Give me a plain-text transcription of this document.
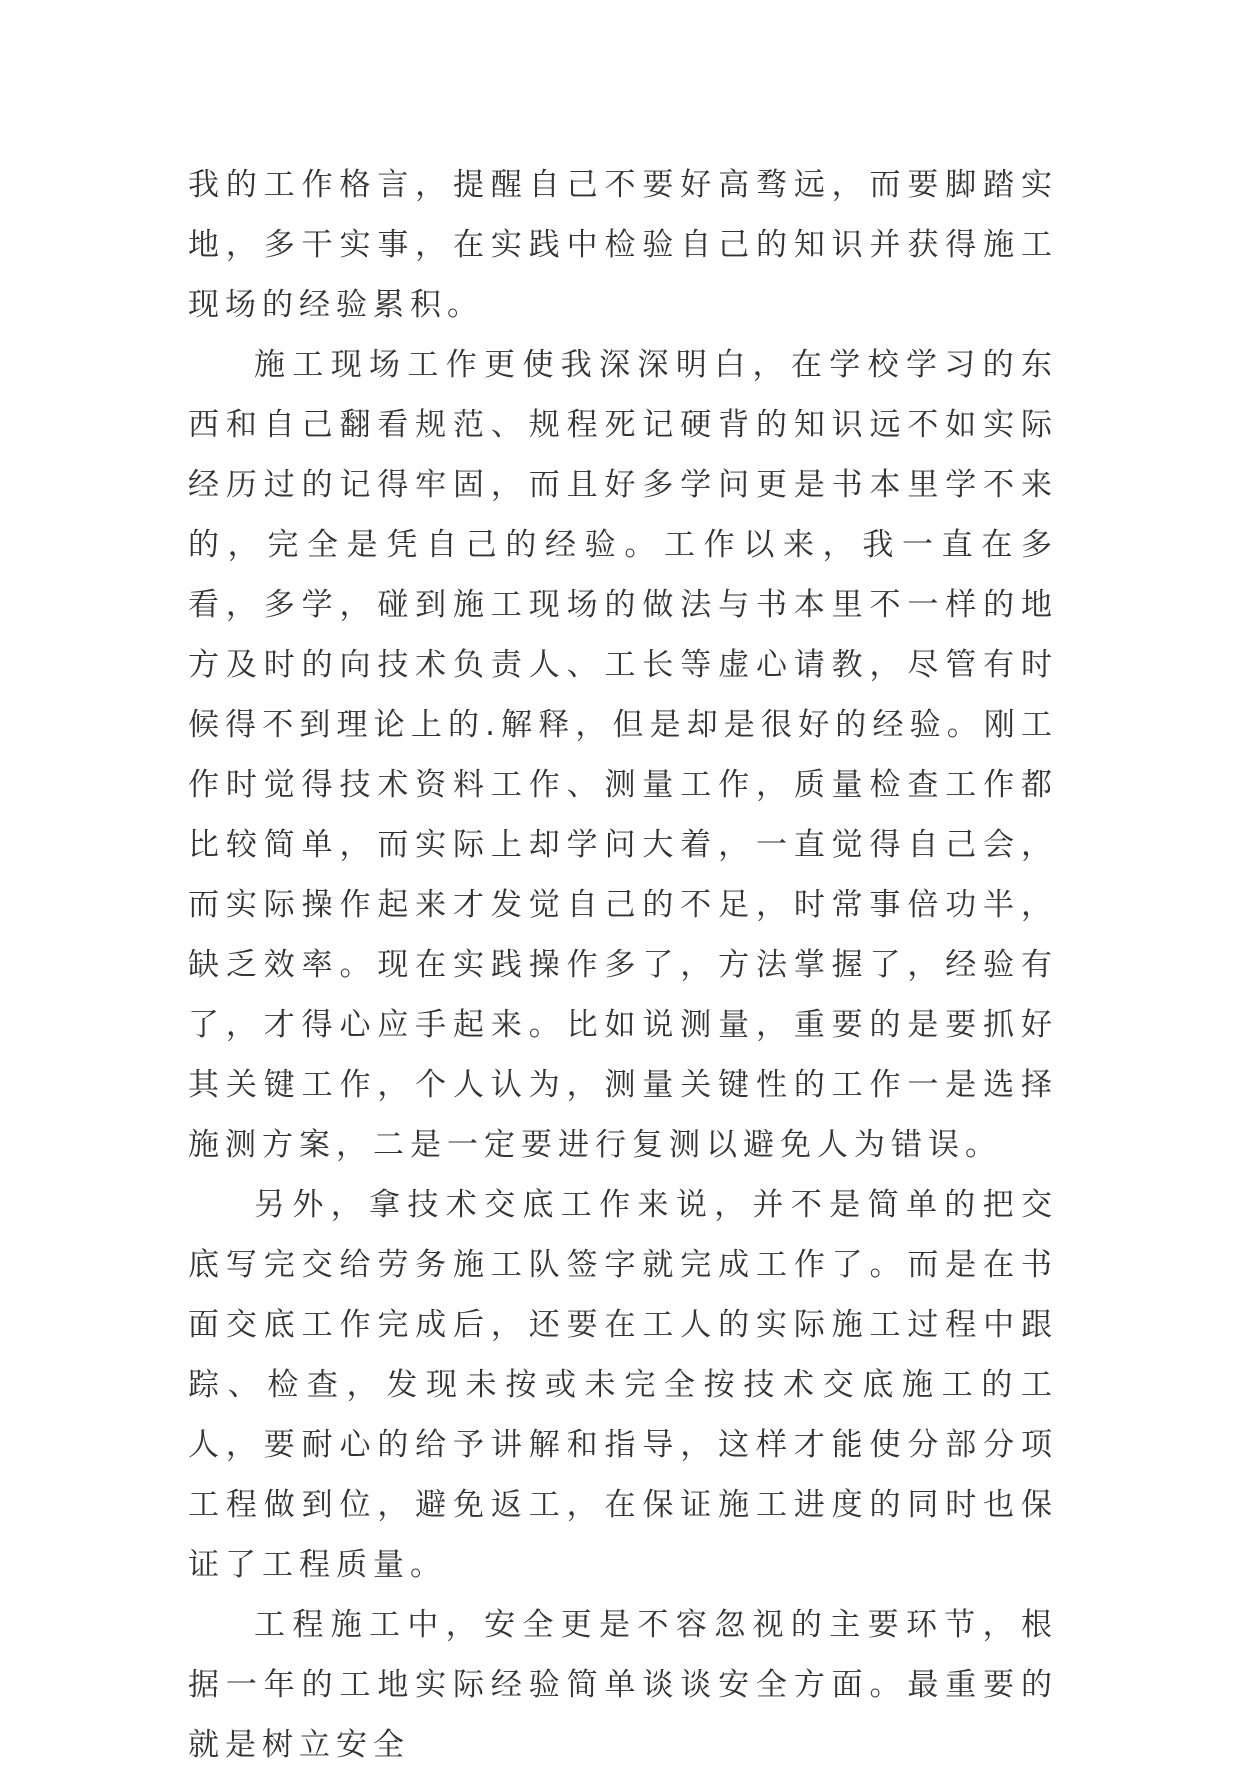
我的工作格言，提醒自己不要好高骛远，而要脚踏实地，多干实事，在实践中检验自己的知识并获得施工现场的经验累积。

施工现场工作更使我深深明白，在学校学习的东西和自己翻看规范、规程死记硬背的知识远不如实际经历过的记得牢固，而且好多学问更是书本里学不来的，完全是凭自己的经验。工作以来，我一直在多看，多学，碰到施工现场的做法与书本里不一样的地方及时的向技术负责人、工长等虚心请教，尽管有时候得不到理论上的.解释，但是却是很好的经验。刚工作时觉得技术资料工作、测量工作，质量检查工作都比较简单，而实际上却学问大着，一直觉得自己会，而实际操作起来才发觉自己的不足，时常事倍功半，缺乏效率。现在实践操作多了，方法掌握了，经验有了，才得心应手起来。比如说测量，重要的是要抓好其关键工作，个人认为，测量关键性的工作一是选择施测方案，二是一定要进行复测以避免人为错误。

另外，拿技术交底工作来说，并不是简单的把交底写完交给劳务施工队签字就完成工作了。而是在书面交底工作完成后，还要在工人的实际施工过程中跟踪、检查，发现未按或未完全按技术交底施工的工人，要耐心的给予讲解和指导，这样才能使分部分项工程做到位，避免返工，在保证施工进度的同时也保证了工程质量。

工程施工中，安全更是不容忽视的主要环节，根据一年的工地实际经验简单谈谈安全方面。最重要的就是树立安全
